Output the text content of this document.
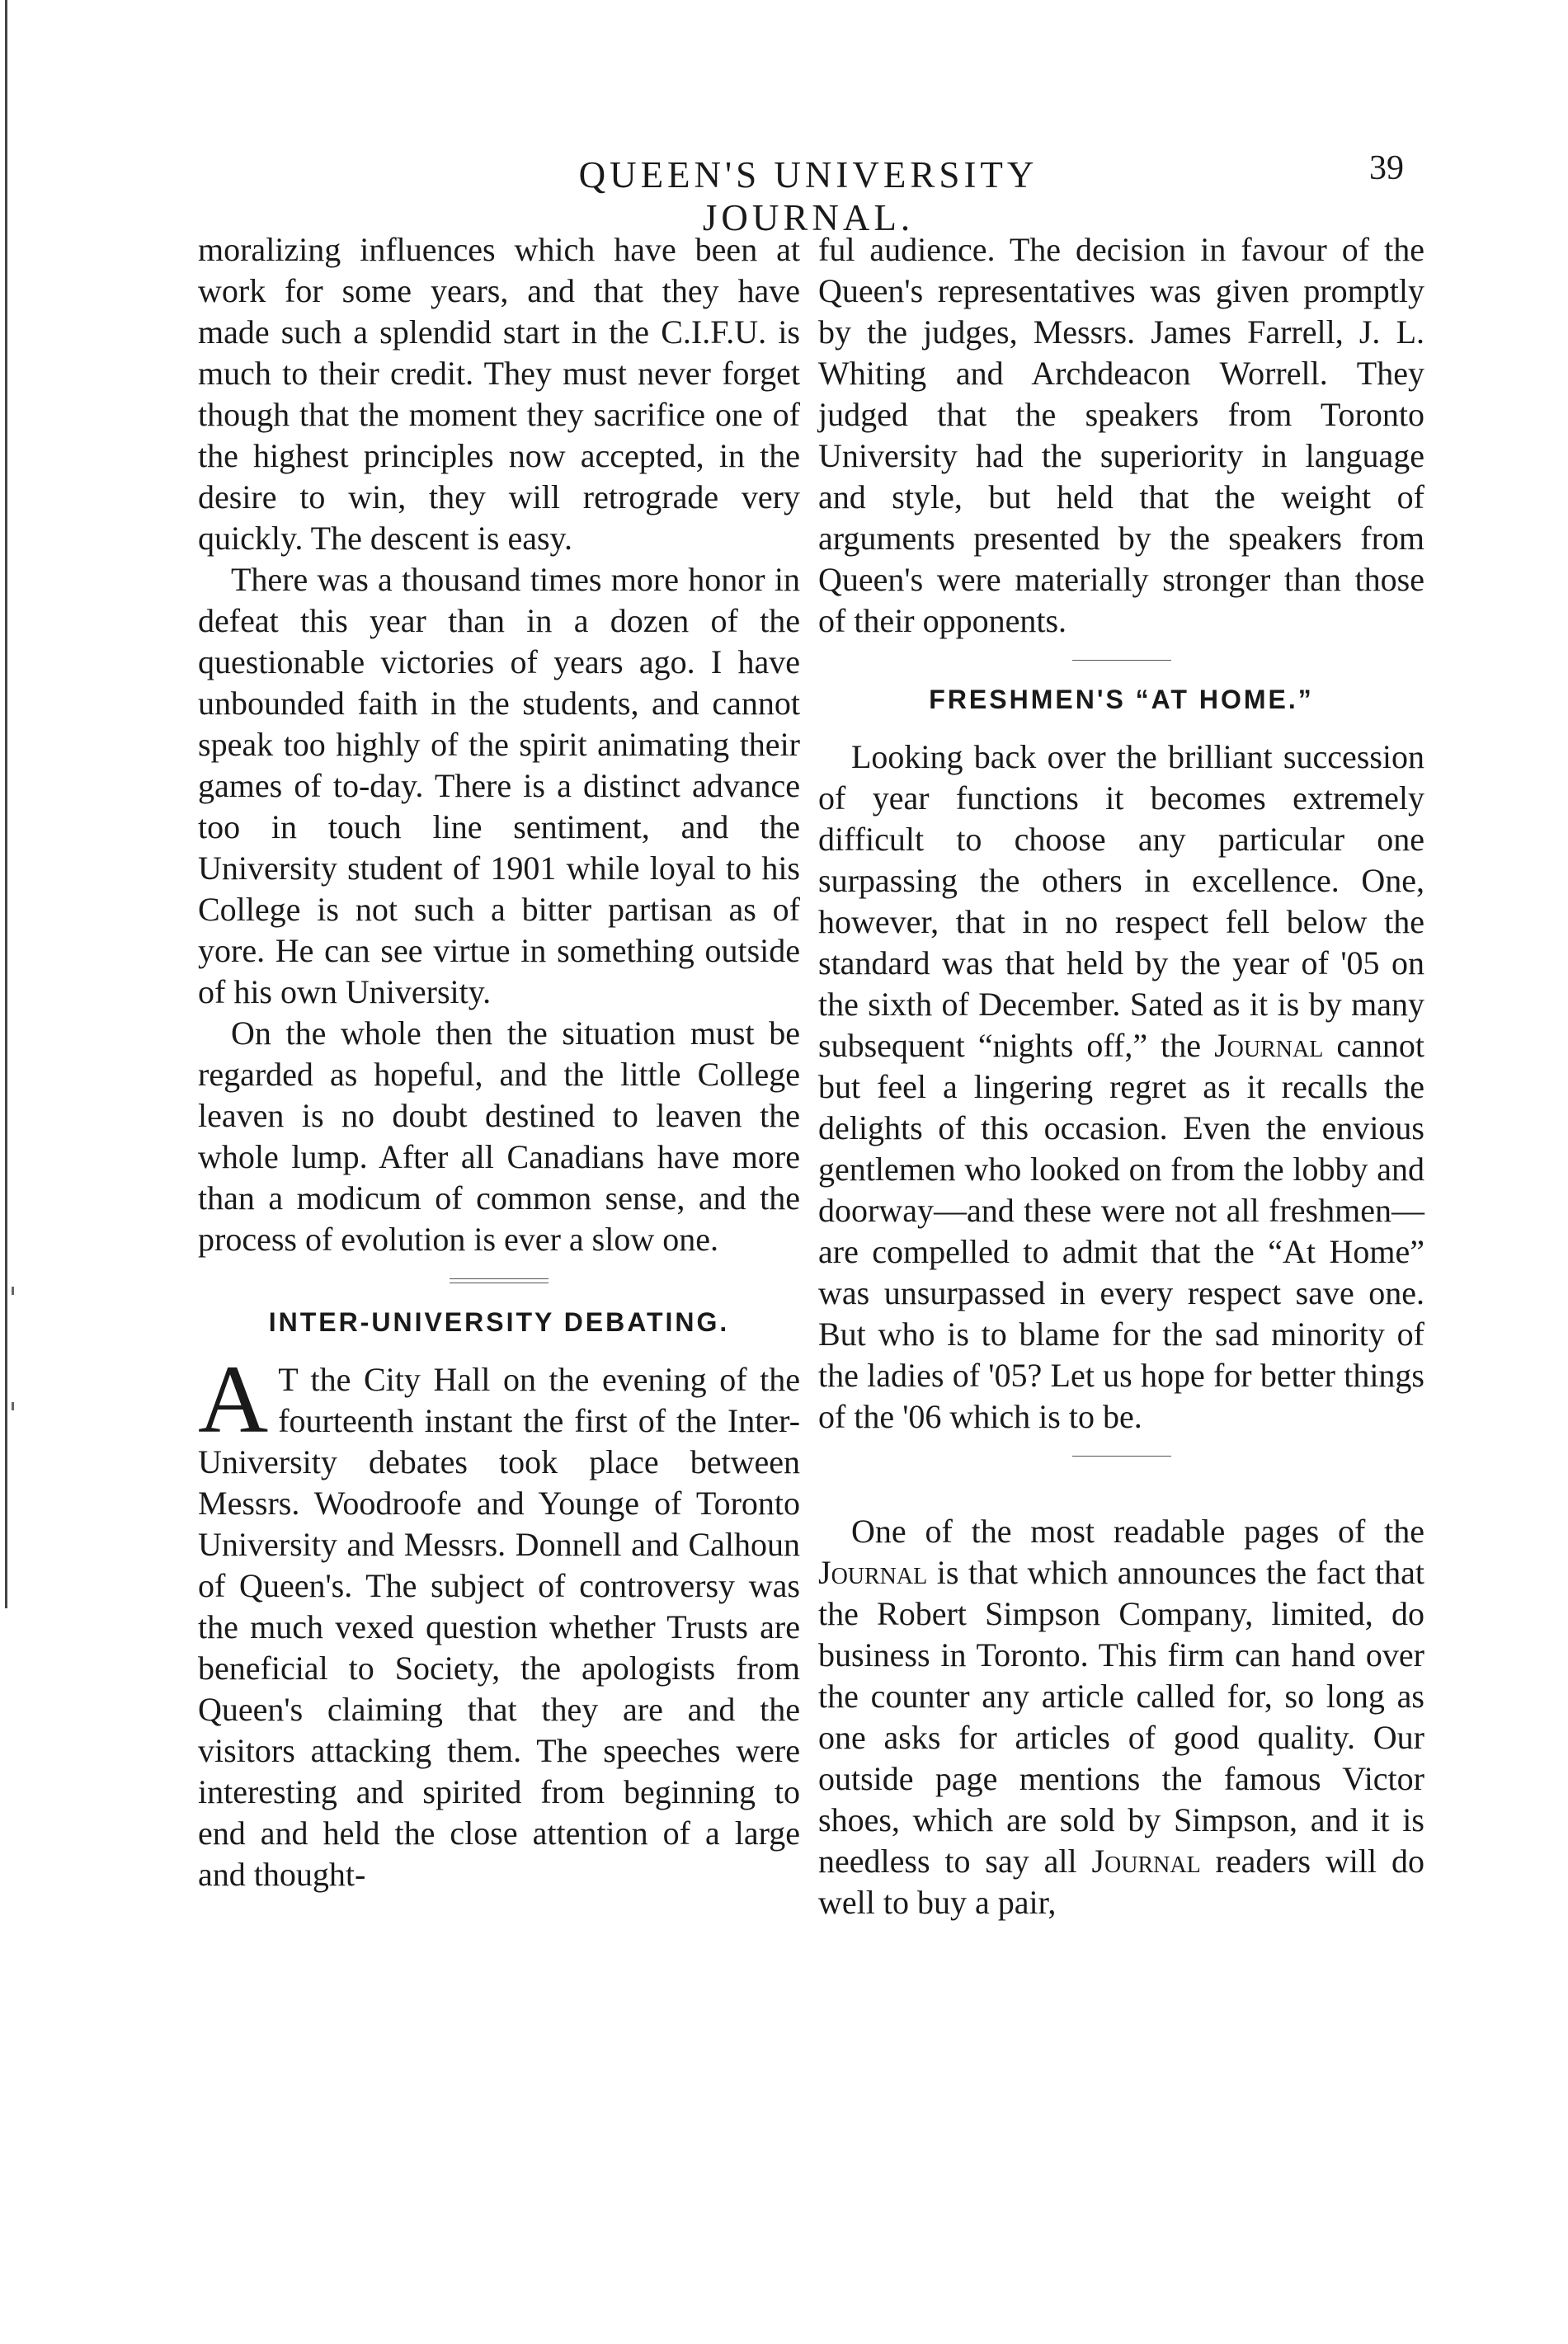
QUEEN'S UNIVERSITY JOURNAL.
39

moralizing influences which have been at work for some years, and that they have made such a splendid start in the C.I.F.U. is much to their credit. They must never forget though that the moment they sacrifice one of the highest principles now accepted, in the desire to win, they will retrograde very quickly. The descent is easy.

There was a thousand times more honor in defeat this year than in a dozen of the questionable victories of years ago. I have unbounded faith in the students, and cannot speak too highly of the spirit animating their games of to-day. There is a distinct advance too in touch line sentiment, and the University student of 1901 while loyal to his College is not such a bitter partisan as of yore. He can see virtue in something outside of his own University.

On the whole then the situation must be regarded as hopeful, and the little College leaven is no doubt destined to leaven the whole lump. After all Canadians have more than a modicum of common sense, and the process of evolution is ever a slow one.

INTER-UNIVERSITY DEBATING.

A T the City Hall on the evening of the fourteenth instant the first of the Inter-University debates took place between Messrs. Woodroofe and Younge of Toronto University and Messrs. Donnell and Calhoun of Queen's. The subject of controversy was the much vexed question whether Trusts are beneficial to Society, the apologists from Queen's claiming that they are and the visitors attacking them. The speeches were interesting and spirited from beginning to end and held the close attention of a large and thought-

ful audience. The decision in favour of the Queen's representatives was given promptly by the judges, Messrs. James Farrell, J. L. Whiting and Archdeacon Worrell. They judged that the speakers from Toronto University had the superiority in language and style, but held that the weight of arguments presented by the speakers from Queen's were materially stronger than those of their opponents.

FRESHMEN'S “AT HOME.”

Looking back over the brilliant succession of year functions it becomes extremely difficult to choose any particular one surpassing the others in excellence. One, however, that in no respect fell below the standard was that held by the year of '05 on the sixth of December. Sated as it is by many subsequent “nights off,” the Journal cannot but feel a lingering regret as it recalls the delights of this occasion. Even the envious gentlemen who looked on from the lobby and doorway—and these were not all freshmen—are compelled to admit that the “At Home” was unsurpassed in every respect save one. But who is to blame for the sad minority of the ladies of '05? Let us hope for better things of the '06 which is to be.

One of the most readable pages of the Journal is that which announces the fact that the Robert Simpson Company, limited, do business in Toronto. This firm can hand over the counter any article called for, so long as one asks for articles of good quality. Our outside page mentions the famous Victor shoes, which are sold by Simpson, and it is needless to say all Journal readers will do well to buy a pair,
